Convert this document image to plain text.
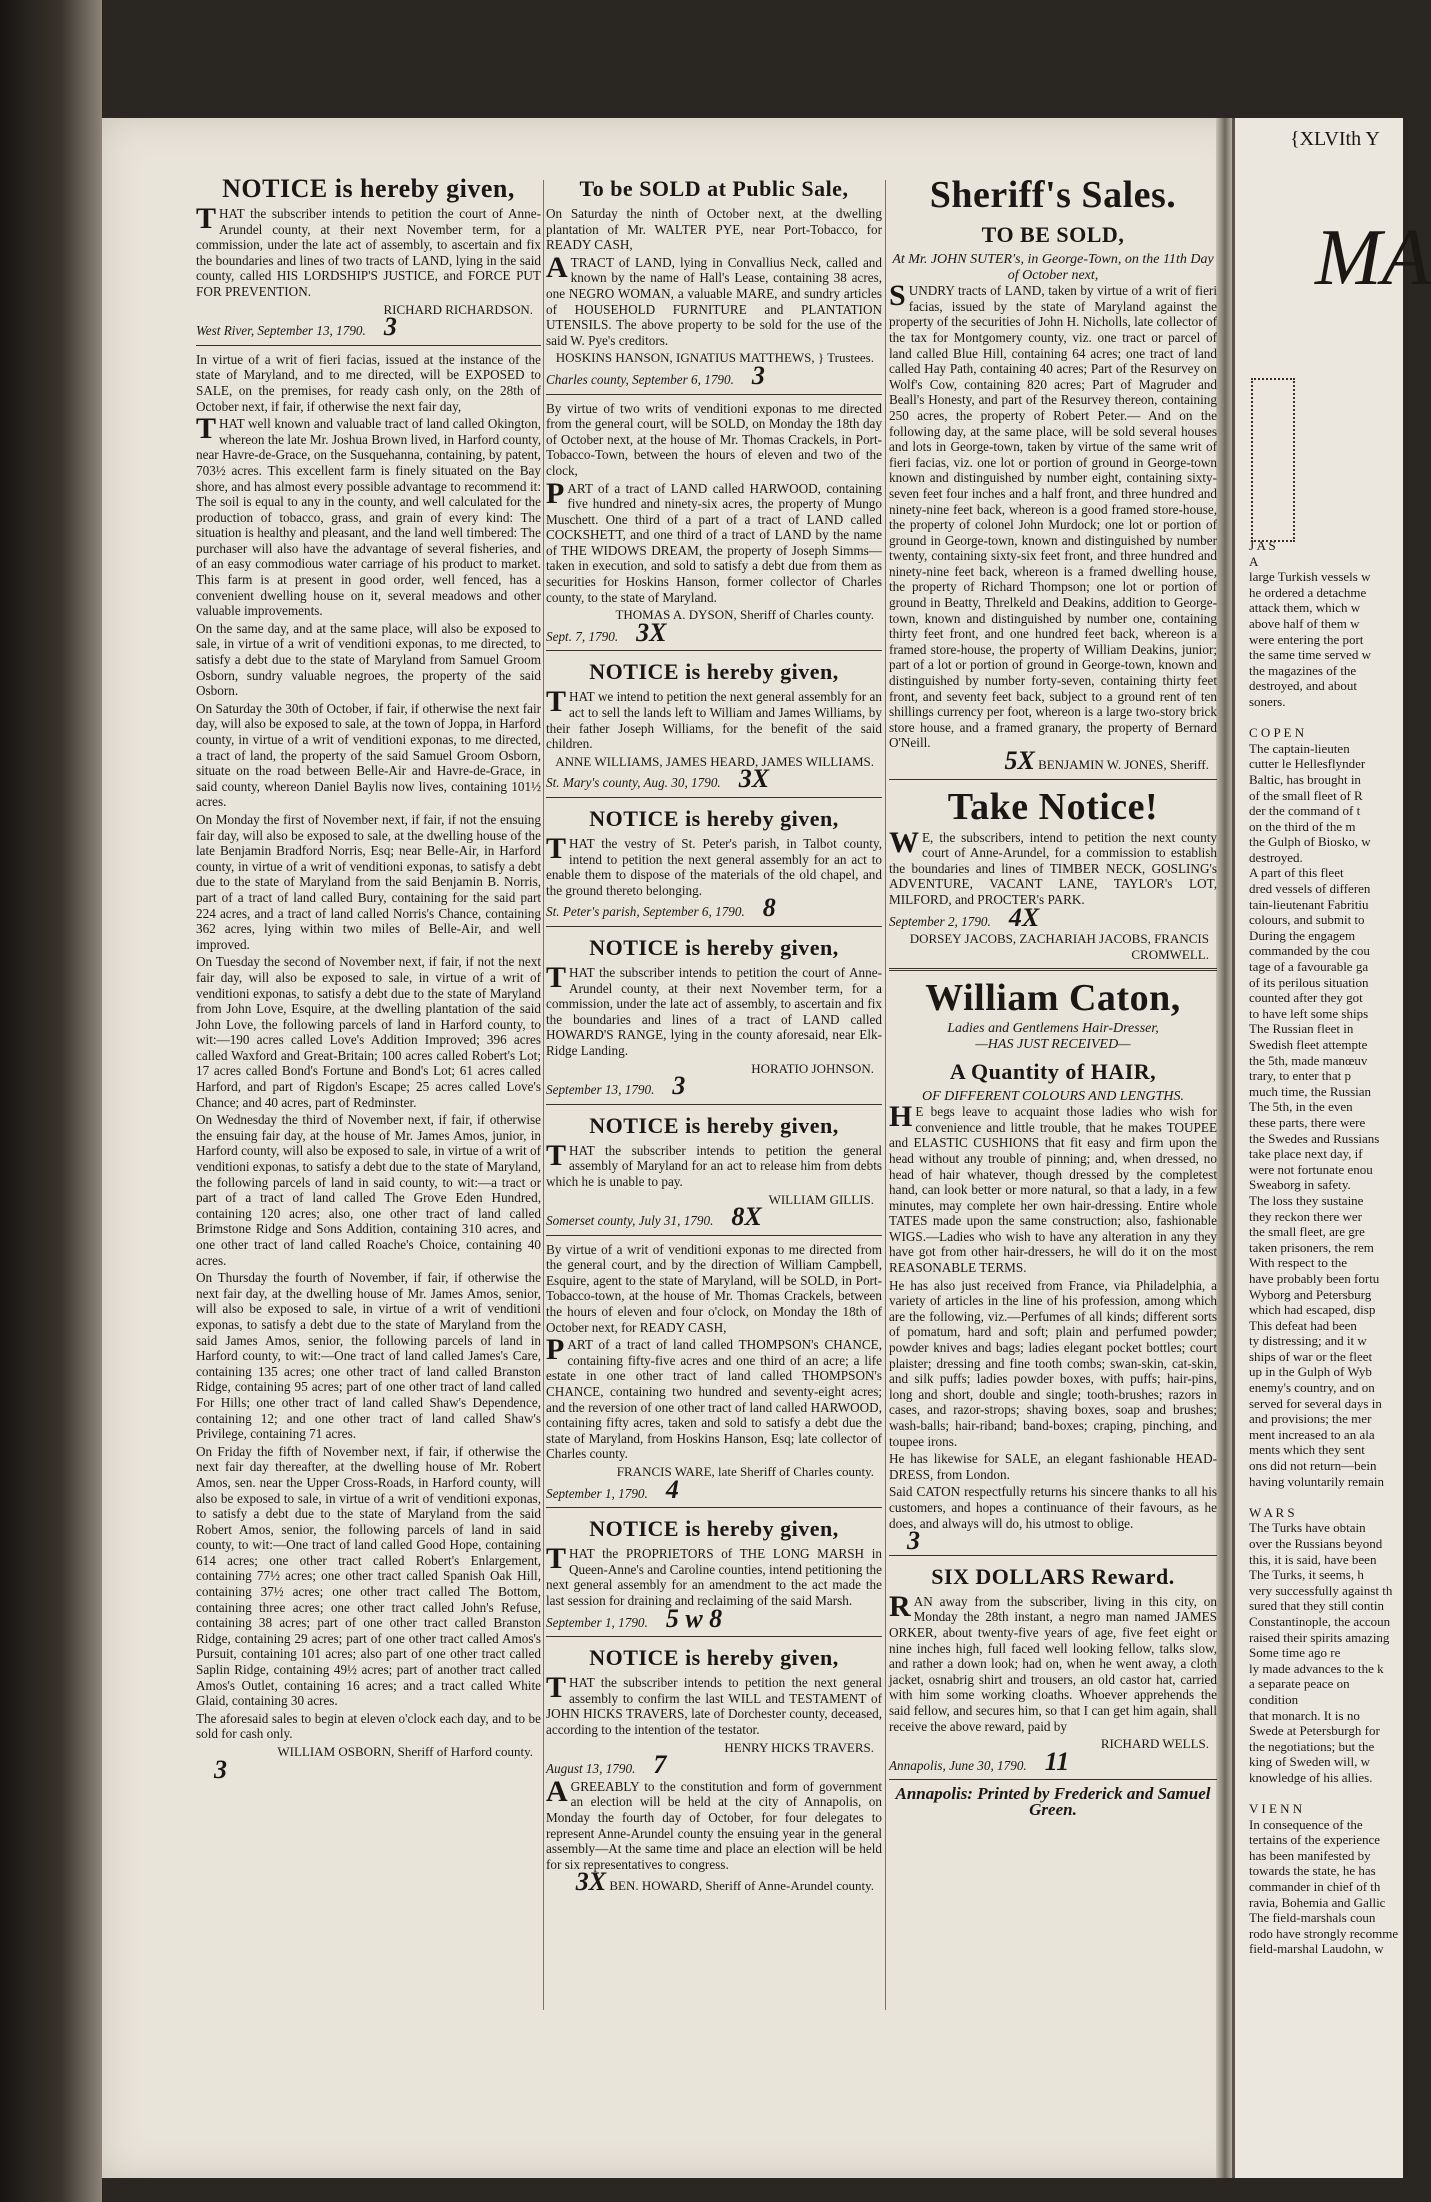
NOTICE is hereby given,

THAT the subscriber intends to petition the court of Anne-Arundel county, at their next November term, for a commission, under the late act of assembly, to ascertain and fix the boundaries and lines of two tracts of LAND, lying in the said county, called HIS LORDSHIP'S JUSTICE, and FORCE PUT FOR PREVENTION.

RICHARD RICHARDSON.
West River, September 13, 1790. 3

In virtue of a writ of fieri facias, issued at the instance of the state of Maryland, and to me directed, will be EXPOSED to SALE, on the premises, for ready cash only, on the 28th of October next, if fair, if otherwise the next fair day,

THAT well known and valuable tract of land called Okington, whereon the late Mr. Joshua Brown lived, in Harford county, near Havre-de-Grace, on the Susquehanna, containing, by patent, 703½ acres. This excellent farm is finely situated on the Bay shore, and has almost every possible advantage to recommend it: The soil is equal to any in the county, and well calculated for the production of tobacco, grass, and grain of every kind: The situation is healthy and pleasant, and the land well timbered: The purchaser will also have the advantage of several fisheries, and of an easy commodious water carriage of his product to market. This farm is at present in good order, well fenced, has a convenient dwelling house on it, several meadows and other valuable improvements.

On the same day, and at the same place, will also be exposed to sale, in virtue of a writ of venditioni exponas, to me directed, to satisfy a debt due to the state of Maryland from Samuel Groom Osborn, sundry valuable negroes, the property of the said Osborn.

On Saturday the 30th of October, if fair, if otherwise the next fair day, will also be exposed to sale, at the town of Joppa, in Harford county, in virtue of a writ of venditioni exponas, to me directed, a tract of land, the property of the said Samuel Groom Osborn, situate on the road between Belle-Air and Havre-de-Grace, in said county, whereon Daniel Baylis now lives, containing 101½ acres.

On Monday the first of November next, if fair, if not the ensuing fair day, will also be exposed to sale, at the dwelling house of the late Benjamin Bradford Norris, Esq; near Belle-Air, in Harford county, in virtue of a writ of venditioni exponas, to satisfy a debt due to the state of Maryland from the said Benjamin B. Norris, part of a tract of land called Bury, containing for the said part 224 acres, and a tract of land called Norris's Chance, containing 362 acres, lying within two miles of Belle-Air, and well improved.

On Tuesday the second of November next, if fair, if not the next fair day, will also be exposed to sale, in virtue of a writ of venditioni exponas, to satisfy a debt due to the state of Maryland from John Love, Esquire, at the dwelling plantation of the said John Love, the following parcels of land in Harford county, to wit:—190 acres called Love's Addition Improved; 396 acres called Waxford and Great-Britain; 100 acres called Robert's Lot; 17 acres called Bond's Fortune and Bond's Lot; 61 acres called Harford, and part of Rigdon's Escape; 25 acres called Love's Chance; and 40 acres, part of Redminster.

On Wednesday the third of November next, if fair, if otherwise the ensuing fair day, at the house of Mr. James Amos, junior, in Harford county, will also be exposed to sale, in virtue of a writ of venditioni exponas, to satisfy a debt due to the state of Maryland, the following parcels of land in said county, to wit:—a tract or part of a tract of land called The Grove Eden Hundred, containing 120 acres; also, one other tract of land called Brimstone Ridge and Sons Addition, containing 310 acres, and one other tract of land called Roache's Choice, containing 40 acres.

On Thursday the fourth of November, if fair, if otherwise the next fair day, at the dwelling house of Mr. James Amos, senior, will also be exposed to sale, in virtue of a writ of venditioni exponas, to satisfy a debt due to the state of Maryland from the said James Amos, senior, the following parcels of land in Harford county, to wit:—One tract of land called James's Care, containing 135 acres; one other tract of land called Branston Ridge, containing 95 acres; part of one other tract of land called For Hills; one other tract of land called Shaw's Dependence, containing 12; and one other tract of land called Shaw's Privilege, containing 71 acres.

On Friday the fifth of November next, if fair, if otherwise the next fair day thereafter, at the dwelling house of Mr. Robert Amos, sen. near the Upper Cross-Roads, in Harford county, will also be exposed to sale, in virtue of a writ of venditioni exponas, to satisfy a debt due to the state of Maryland from the said Robert Amos, senior, the following parcels of land in said county, to wit:—One tract of land called Good Hope, containing 614 acres; one other tract called Robert's Enlargement, containing 77½ acres; one other tract called Spanish Oak Hill, containing 37½ acres; one other tract called The Bottom, containing three acres; one other tract called John's Refuse, containing 38 acres; part of one other tract called Branston Ridge, containing 29 acres; part of one other tract called Amos's Pursuit, containing 101 acres; also part of one other tract called Saplin Ridge, containing 49½ acres; part of another tract called Amos's Outlet, containing 16 acres; and a tract called White Glaid, containing 30 acres.

The aforesaid sales to begin at eleven o'clock each day, and to be sold for cash only.

WILLIAM OSBORN, Sheriff of Harford county.
3
To be SOLD at Public Sale,

On Saturday the ninth of October next, at the dwelling plantation of Mr. WALTER PYE, near Port-Tobacco, for READY CASH,

ATRACT of LAND, lying in Convallius Neck, called and known by the name of Hall's Lease, containing 38 acres, one NEGRO WOMAN, a valuable MARE, and sundry articles of HOUSEHOLD FURNITURE and PLANTATION UTENSILS. The above property to be sold for the use of the said W. Pye's creditors.

HOSKINS HANSON, IGNATIUS MATTHEWS, } Trustees.
Charles county, September 6, 1790. 3

By virtue of two writs of venditioni exponas to me directed from the general court, will be SOLD, on Monday the 18th day of October next, at the house of Mr. Thomas Crackels, in Port-Tobacco-Town, between the hours of eleven and two of the clock,

PART of a tract of LAND called HARWOOD, containing five hundred and ninety-six acres, the property of Mungo Muschett. One third of a part of a tract of LAND called COCKSHETT, and one third of a tract of LAND by the name of THE WIDOWS DREAM, the property of Joseph Simms—taken in execution, and sold to satisfy a debt due from them as securities for Hoskins Hanson, former collector of Charles county, to the state of Maryland.

THOMAS A. DYSON, Sheriff of Charles county.
Sept. 7, 1790. 3X
NOTICE is hereby given,

THAT we intend to petition the next general assembly for an act to sell the lands left to William and James Williams, by their father Joseph Williams, for the benefit of the said children.

ANNE WILLIAMS, JAMES HEARD, JAMES WILLIAMS.
St. Mary's county, Aug. 30, 1790. 3X
NOTICE is hereby given,

THAT the vestry of St. Peter's parish, in Talbot county, intend to petition the next general assembly for an act to enable them to dispose of the materials of the old chapel, and the ground thereto belonging.

St. Peter's parish, September 6, 1790. 8
NOTICE is hereby given,

THAT the subscriber intends to petition the court of Anne-Arundel county, at their next November term, for a commission, under the late act of assembly, to ascertain and fix the boundaries and lines of a tract of LAND called HOWARD'S RANGE, lying in the county aforesaid, near Elk-Ridge Landing.

HORATIO JOHNSON.
September 13, 1790. 3
NOTICE is hereby given,

THAT the subscriber intends to petition the general assembly of Maryland for an act to release him from debts which he is unable to pay.

WILLIAM GILLIS.
Somerset county, July 31, 1790. 8X

By virtue of a writ of venditioni exponas to me directed from the general court, and by the direction of William Campbell, Esquire, agent to the state of Maryland, will be SOLD, in Port-Tobacco-town, at the house of Mr. Thomas Crackels, between the hours of eleven and four o'clock, on Monday the 18th of October next, for READY CASH,

PART of a tract of land called THOMPSON's CHANCE, containing fifty-five acres and one third of an acre; a life estate in one other tract of land called THOMPSON's CHANCE, containing two hundred and seventy-eight acres; and the reversion of one other tract of land called HARWOOD, containing fifty acres, taken and sold to satisfy a debt due the state of Maryland, from Hoskins Hanson, Esq; late collector of Charles county.

FRANCIS WARE, late Sheriff of Charles county.
September 1, 1790. 4
NOTICE is hereby given,

THAT the PROPRIETORS of THE LONG MARSH in Queen-Anne's and Caroline counties, intend petitioning the next general assembly for an amendment to the act made the last session for draining and reclaiming of the said Marsh.

September 1, 1790. 5 w 8
NOTICE is hereby given,

THAT the subscriber intends to petition the next general assembly to confirm the last WILL and TESTAMENT of JOHN HICKS TRAVERS, late of Dorchester county, deceased, according to the intention of the testator.

HENRY HICKS TRAVERS.
August 13, 1790. 7

AGREEABLY to the constitution and form of government an election will be held at the city of Annapolis, on Monday the fourth day of October, for four delegates to represent Anne-Arundel county the ensuing year in the general assembly—At the same time and place an election will be held for six representatives to congress.

3X BEN. HOWARD, Sheriff of Anne-Arundel county.
Sheriff's Sales.
TO BE SOLD,
At Mr. JOHN SUTER's, in George-Town, on the 11th Day of October next,

SUNDRY tracts of LAND, taken by virtue of a writ of fieri facias, issued by the state of Maryland against the property of the securities of John H. Nicholls, late collector of the tax for Montgomery county, viz. one tract or parcel of land called Blue Hill, containing 64 acres; one tract of land called Hay Path, containing 40 acres; Part of the Resurvey on Wolf's Cow, containing 820 acres; Part of Magruder and Beall's Honesty, and part of the Resurvey thereon, containing 250 acres, the property of Robert Peter.— And on the following day, at the same place, will be sold several houses and lots in George-town, taken by virtue of the same writ of fieri facias, viz. one lot or portion of ground in George-town known and distinguished by number eight, containing sixty-seven feet four inches and a half front, and three hundred and ninety-nine feet back, whereon is a good framed store-house, the property of colonel John Murdock; one lot or portion of ground in George-town, known and distinguished by number twenty, containing sixty-six feet front, and three hundred and ninety-nine feet back, whereon is a framed dwelling house, the property of Richard Thompson; one lot or portion of ground in Beatty, Threlkeld and Deakins, addition to George-town, known and distinguished by number one, containing thirty feet front, and one hundred feet back, whereon is a framed store-house, the property of William Deakins, junior; part of a lot or portion of ground in George-town, known and distinguished by number forty-seven, containing thirty feet front, and seventy feet back, subject to a ground rent of ten shillings currency per foot, whereon is a large two-story brick store house, and a framed granary, the property of Bernard O'Neill.

5X BENJAMIN W. JONES, Sheriff.
Take Notice!

WE, the subscribers, intend to petition the next county court of Anne-Arundel, for a commission to establish the boundaries and lines of TIMBER NECK, GOSLING's ADVENTURE, VACANT LANE, TAYLOR's LOT, MILFORD, and PROCTER's PARK.

September 2, 1790. 4X
DORSEY JACOBS, ZACHARIAH JACOBS, FRANCIS CROMWELL.
William Caton,
Ladies and Gentlemens Hair-Dresser,
—HAS JUST RECEIVED—
A Quantity of HAIR,
OF DIFFERENT COLOURS AND LENGTHS.

HE begs leave to acquaint those ladies who wish for convenience and little trouble, that he makes TOUPEE and ELASTIC CUSHIONS that fit easy and firm upon the head without any trouble of pinning; and, when dressed, no head of hair whatever, though dressed by the completest hand, can look better or more natural, so that a lady, in a few minutes, may complete her own hair-dressing. Entire whole TATES made upon the same construction; also, fashionable WIGS.—Ladies who wish to have any alteration in any they have got from other hair-dressers, he will do it on the most REASONABLE TERMS.

He has also just received from France, via Philadelphia, a variety of articles in the line of his profession, among which are the following, viz.—Perfumes of all kinds; different sorts of pomatum, hard and soft; plain and perfumed powder; powder knives and bags; ladies elegant pocket bottles; court plaister; dressing and fine tooth combs; swan-skin, cat-skin, and silk puffs; ladies powder boxes, with puffs; hair-pins, long and short, double and single; tooth-brushes; razors in cases, and razor-strops; shaving boxes, soap and brushes; wash-balls; hair-riband; band-boxes; craping, pinching, and toupee irons.

He has likewise for SALE, an elegant fashionable HEAD-DRESS, from London.

Said CATON respectfully returns his sincere thanks to all his customers, and hopes a continuance of their favours, as he does, and always will do, his utmost to oblige.

3
SIX DOLLARS Reward.

RAN away from the subscriber, living in this city, on Monday the 28th instant, a negro man named JAMES ORKER, about twenty-five years of age, five feet eight or nine inches high, full faced well looking fellow, talks slow, and rather a down look; had on, when he went away, a cloth jacket, osnabrig shirt and trousers, an old castor hat, carried with him some working cloaths. Whoever apprehends the said fellow, and secures him, so that I can get him again, shall receive the above reward, paid by

RICHARD WELLS.
Annapolis, June 30, 1790. 11
Annapolis: Printed by Frederick and Samuel Green.
{XLVIth Y
MA
J A S
A
large Turkish vessels w
he ordered a detachme
attack them, which w
above half of them w
were entering the port
the same time served w
the magazines of the
destroyed, and about
soners.

C O P E N
The captain-lieuten
cutter le Hellesflynder
Baltic, has brought in
of the small fleet of R
der the command of t
on the third of the m
the Gulph of Biosko, w
destroyed.
A part of this fleet
dred vessels of differen
tain-lieutenant Fabritiu
colours, and submit to
During the engagem
commanded by the cou
tage of a favourable ga
of its perilous situation
counted after they got
to have left some ships
The Russian fleet in
Swedish fleet attempte
the 5th, made manœuv
trary, to enter that p
much time, the Russian
The 5th, in the even
these parts, there were
the Swedes and Russians
take place next day, if
were not fortunate enou
Sweaborg in safety.
The loss they sustaine
they reckon there wer
the small fleet, are gre
taken prisoners, the rem
With respect to the
have probably been fortu
Wyborg and Petersburg
which had escaped, disp
This defeat had been
ty distressing; and it w
ships of war or the fleet
up in the Gulph of Wyb
enemy's country, and on
served for several days in
and provisions; the mer
ment increased to an ala
ments which they sent
ons did not return—bein
having voluntarily remain

W A R S
The Turks have obtain
over the Russians beyond
this, it is said, have been
The Turks, it seems, h
very successfully against th
sured that they still contin
Constantinople, the accoun
raised their spirits amazing
Some time ago re
ly made advances to the k
a separate peace on condition
that monarch. It is no
Swede at Petersburgh for
the negotiations; but the
king of Sweden will, w
knowledge of his allies.

V I E N N
In consequence of the
tertains of the experience
has been manifested by
towards the state, he has
commander in chief of th
ravia, Bohemia and Gallic
The field-marshals coun
rodo have strongly recomme
field-marshal Laudohn, w
